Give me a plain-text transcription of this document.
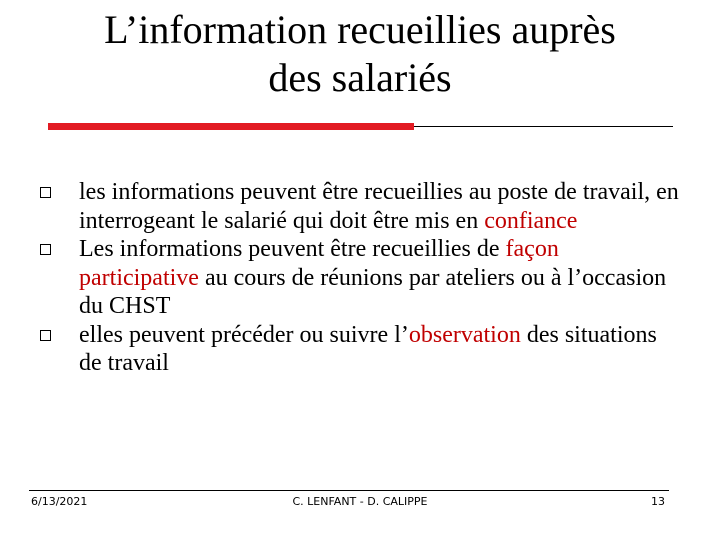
L’information recueillies auprès
des salariés
les informations peuvent être recueillies au poste de travail, en interrogeant le salarié qui doit être mis en confiance
Les informations peuvent être recueillies de façon participative au cours de réunions par ateliers ou à l’occasion du CHST
elles peuvent précéder ou suivre l’observation des situations de travail
6/13/2021	C. LENFANT - D. CALIPPE	13
